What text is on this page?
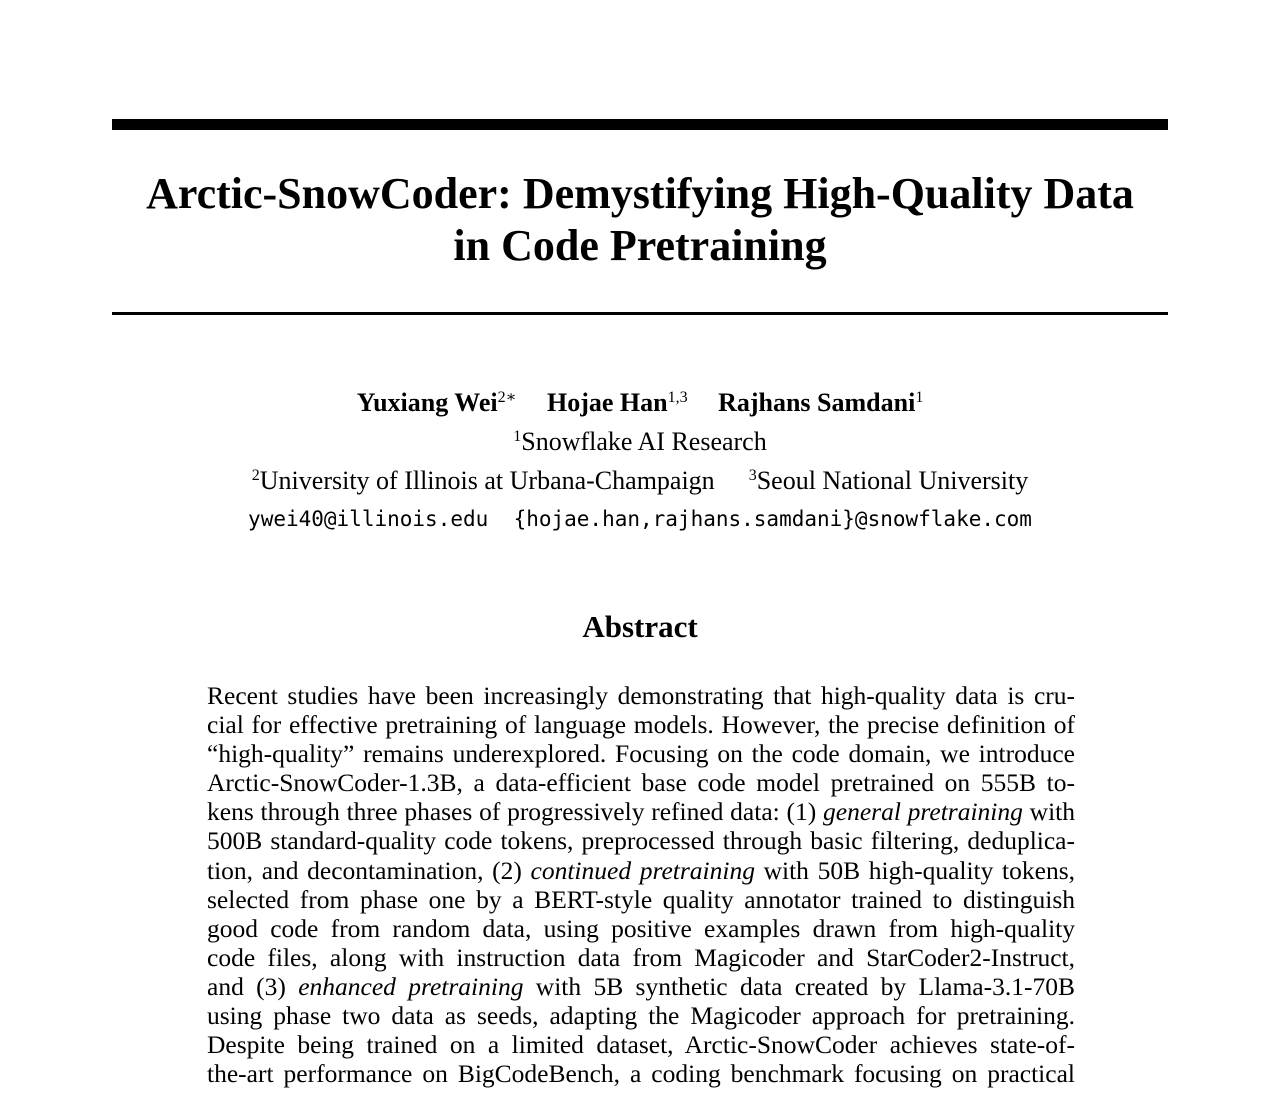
Arctic-SnowCoder: Demystifying High-Quality Data
in Code Pretraining
Yuxiang Wei$^{2∗}$ Hojae Han$^{1,3}$ Rajhans Samdani$^1$
$^1$Snowflake AI Research
$^2$University of Illinois at Urbana-Champaign $^3$Seoul National University
ywei40@illinois.edu {hojae.han,rajhans.samdani}@snowflake.com
Abstract
Recent studies have been increasingly demonstrating that high-quality data is cru-
cial for effective pretraining of language models. However, the precise definition of
“high-quality” remains underexplored. Focusing on the code domain, we introduce
Arctic-SnowCoder-1.3B, a data-efficient base code model pretrained on 555B to-
kens through three phases of progressively refined data: (1) general pretraining with
500B standard-quality code tokens, preprocessed through basic filtering, deduplica-
tion, and decontamination, (2) continued pretraining with 50B high-quality tokens,
selected from phase one by a BERT-style quality annotator trained to distinguish
good code from random data, using positive examples drawn from high-quality
code files, along with instruction data from Magicoder and StarCoder2-Instruct,
and (3) enhanced pretraining with 5B synthetic data created by Llama-3.1-70B
using phase two data as seeds, adapting the Magicoder approach for pretraining.
Despite being trained on a limited dataset, Arctic-SnowCoder achieves state-of-
the-art performance on BigCodeBench, a coding benchmark focusing on practical
